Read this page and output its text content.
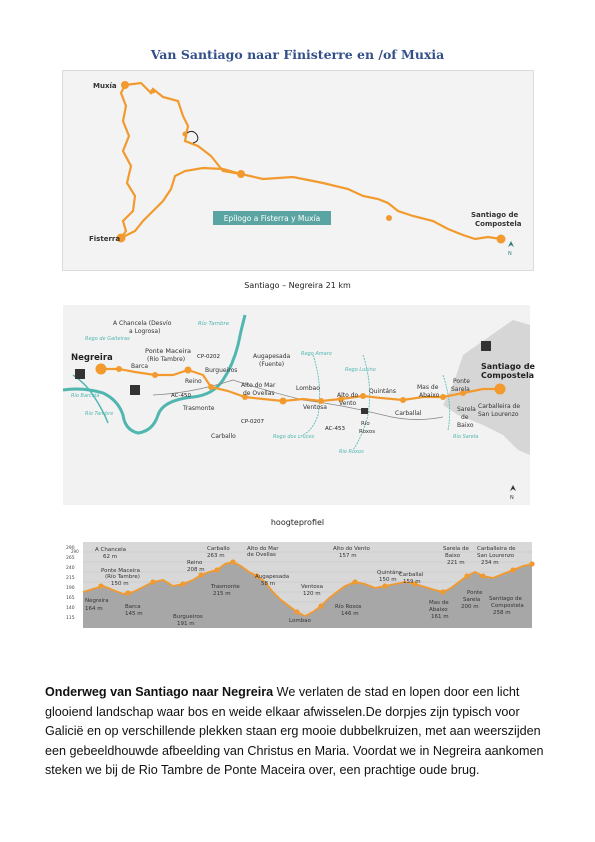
Van Santiago naar Finisterre en /of Muxia
Muxía
Fisterra
Santiago de
Compostela
Epílogo a Fisterra y Muxía
N
Santiago – Negreira 21 km
Negreira
A Chancela (Desvío
a Logrosa)
Ponte Maceira
(Río Tambre)
Barca
Río Tambre
Rego de Gaiteiras
Río Barcala
Río Tambre
CP-0202
Burgueiros
Reino
AC-450
Trasmonte
Carballo
Alto do Mar
de Ovellas
CP-0207
Augapesada
(Fuente)
Rego Amaro
Rego dos cruces
Lombao
Ventosa
Rego Lucino
Alto do
Vento
AC-453
Río
Roxos
Río Roxos
Quintáns
Carballal
Mas de
Abaixo
Ponte
Sarela
Sarela
de
Baixo
Río Sarela
Santiago de
Compostela
Carballeira de
San Lourenzo
N
hoogteprofiel
290	A Chancela
62 m
Negreira
164 m
Ponte Maceira
(Río Tambre)
150 m
Barca
145 m
Reino
208 m
Burgueiros
191 m
Carballo
263 m
Trasmonte
215 m
Alto do Mar
de Ovellas
Augapesada
58 m	Ventosa
120 m
Lombao
Alto do Vento
157 m
Río Roxos
146 m
Quintáns
150 m
Carballal
159 m
Mas de
Abaixo
161 m
Sarela de
Baixo
221 m
Ponte
Sarela
200 m
Carballeira de
San Lourenzo
234 m
Santiago de
Compostela
258 m
290
265
240
215
190
165
140
115
Onderweg van Santiago naar Negreira We verlaten de stad en lopen door een licht glooiend landschap waar bos en weide elkaar afwisselen.De dorpjes zijn typisch voor Galicië en op verschillende plekken staan erg mooie dubbelkruizen, met aan weerszijden een gebeeldhouwde afbeelding van Christus en Maria. Voordat we in Negreira aankomen steken we bij de Rio Tambre de Ponte Maceira over, een prachtige oude brug.
